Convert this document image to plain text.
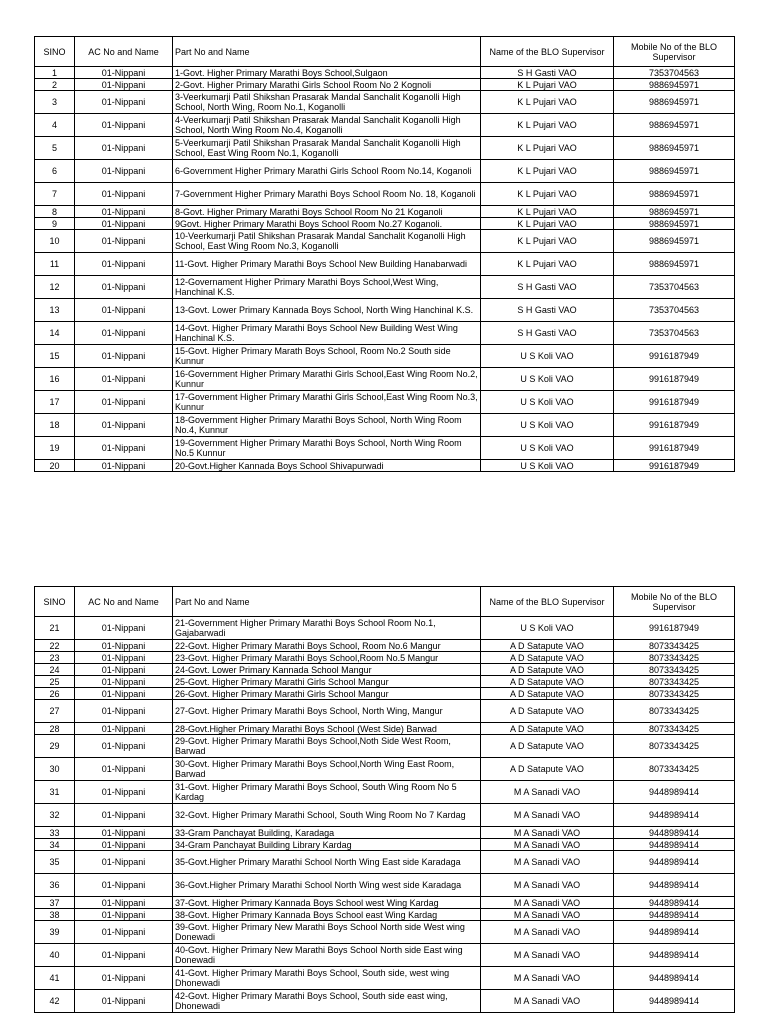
SINO	AC No and Name	Part No and Name	Name of the BLO Supervisor	Mobile No of the BLO Supervisor
1	01-Nippani	1-Govt. Higher Primary Marathi Boys School,Sulgaon	S H Gasti VAO	7353704563
2	01-Nippani	2-Govt. Higher Primary Marathi Girls School Room No 2 Kognoli	K L Pujari VAO	9886945971
3	01-Nippani	3-Veerkumarji Patil Shikshan Prasarak Mandal Sanchalit Koganolli High School, North Wing, Room No.1, Koganolli	K L Pujari VAO	9886945971
4	01-Nippani	4-Veerkumarji Patil Shikshan Prasarak Mandal Sanchalit Koganolli High School, North Wing Room No.4, Koganolli	K L Pujari VAO	9886945971
5	01-Nippani	5-Veerkumarji Patil Shikshan Prasarak Mandal Sanchalit Koganolli High School, East Wing Room No.1, Koganolli	K L Pujari VAO	9886945971
6	01-Nippani	6-Government Higher Primary Marathi Girls School Room No.14, Koganoli	K L Pujari VAO	9886945971
7	01-Nippani	7-Government Higher Primary Marathi Boys School Room No. 18, Koganoli	K L Pujari VAO	9886945971
8	01-Nippani	8-Govt. Higher Primary Marathi Boys School Room No 21 Koganoli	K L Pujari VAO	9886945971
9	01-Nippani	9Govt. Higher Primary Marathi Boys School Room No.27 Koganoli.	K L Pujari VAO	9886945971
10	01-Nippani	10-Veerkumarji Patil Shikshan Prasarak Mandal Sanchalit Koganolli High School, East Wing Room No.3, Koganolli	K L Pujari VAO	9886945971
11	01-Nippani	11-Govt. Higher Primary Marathi Boys School New Building Hanabarwadi	K L Pujari VAO	9886945971
12	01-Nippani	12-Governament Higher Primary Marathi Boys School,West Wing, Hanchinal K.S.	S H Gasti VAO	7353704563
13	01-Nippani	13-Govt. Lower Primary Kannada Boys School, North Wing Hanchinal K.S.	S H Gasti VAO	7353704563
14	01-Nippani	14-Govt. Higher Primary Marathi Boys School New Building West Wing Hanchinal K.S.	S H Gasti VAO	7353704563
15	01-Nippani	15-Govt. Higher Primary Marath Boys School, Room No.2 South side Kunnur	U S Koli VAO	9916187949
16	01-Nippani	16-Government Higher Primary Marathi Girls School,East Wing Room No.2, Kunnur	U S Koli VAO	9916187949
17	01-Nippani	17-Government Higher Primary Marathi Girls School,East Wing Room No.3, Kunnur	U S Koli VAO	9916187949
18	01-Nippani	18-Government Higher Primary Marathi Boys School, North Wing Room No.4, Kunnur	U S Koli VAO	9916187949
19	01-Nippani	19-Government Higher Primary Marathi Boys School, North Wing Room No.5 Kunnur	U S Koli VAO	9916187949
20	01-Nippani	20-Govt.Higher Kannada Boys School Shivapurwadi	U S Koli VAO	9916187949
SINO	AC No and Name	Part No and Name	Name of the BLO Supervisor	Mobile No of the BLO Supervisor
21	01-Nippani	21-Government Higher Primary Marathi Boys School Room No.1, Gajabarwadi	U S Koli VAO	9916187949
22	01-Nippani	22-Govt. Higher Primary Marathi Boys School, Room No.6 Mangur	A D Satapute VAO	8073343425
23	01-Nippani	23-Govt. Higher Primary Marathi Boys School,Room No.5 Mangur	A D Satapute VAO	8073343425
24	01-Nippani	24-Govt. Lower Primary Kannada School Mangur	A D Satapute VAO	8073343425
25	01-Nippani	25-Govt. Higher Primary Marathi Girls School Mangur	A D Satapute VAO	8073343425
26	01-Nippani	26-Govt. Higher Primary Marathi Girls School Mangur	A D Satapute VAO	8073343425
27	01-Nippani	27-Govt. Higher Primary Marathi Boys School, North Wing, Mangur	A D Satapute VAO	8073343425
28	01-Nippani	28-Govt.Higher Primary Marathi Boys School (West Side) Barwad	A D Satapute VAO	8073343425
29	01-Nippani	29-Govt. Higher Primary Marathi Boys School,Noth Side West Room, Barwad	A D Satapute VAO	8073343425
30	01-Nippani	30-Govt. Higher Primary Marathi Boys School,North Wing East Room, Barwad	A D Satapute VAO	8073343425
31	01-Nippani	31-Govt. Higher Primary Marathi Boys School, South Wing Room No 5 Kardag	M A Sanadi VAO	9448989414
32	01-Nippani	32-Govt. Higher Primary Marathi School, South Wing Room No 7 Kardag	M A Sanadi VAO	9448989414
33	01-Nippani	33-Gram Panchayat Building, Karadaga	M A Sanadi VAO	9448989414
34	01-Nippani	34-Gram Panchayat Building Library Kardag	M A Sanadi VAO	9448989414
35	01-Nippani	35-Govt.Higher Primary Marathi School North Wing East side Karadaga	M A Sanadi VAO	9448989414
36	01-Nippani	36-Govt.Higher Primary Marathi School North Wing west side Karadaga	M A Sanadi VAO	9448989414
37	01-Nippani	37-Govt. Higher Primary Kannada Boys School west Wing Kardag	M A Sanadi VAO	9448989414
38	01-Nippani	38-Govt. Higher Primary Kannada Boys School east Wing Kardag	M A Sanadi VAO	9448989414
39	01-Nippani	39-Govt. Higher Primary New Marathi Boys School North side West wing Donewadi	M A Sanadi VAO	9448989414
40	01-Nippani	40-Govt. Higher Primary New Marathi Boys School North side East wing Donewadi	M A Sanadi VAO	9448989414
41	01-Nippani	41-Govt. Higher Primary Marathi Boys School, South side, west wing Dhonewadi	M A Sanadi VAO	9448989414
42	01-Nippani	42-Govt. Higher Primary Marathi Boys School, South side east wing, Dhonewadi	M A Sanadi VAO	9448989414
